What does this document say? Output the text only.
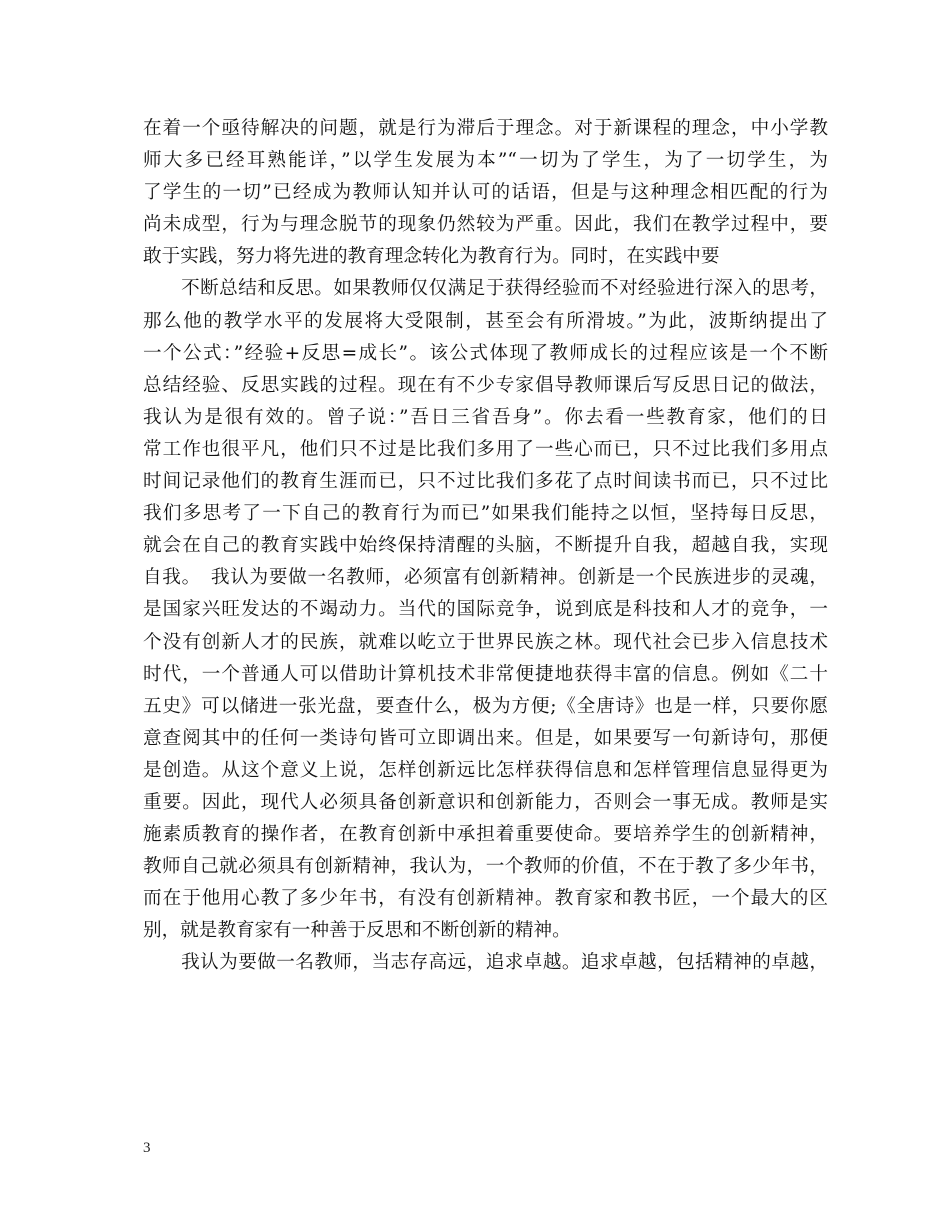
在着一个亟待解决的问题，就是行为滞后于理念。对于新课程的理念，中小学教
师大多已经耳熟能详，”以学生发展为本”“一切为了学生，为了一切学生，为
了学生的一切”已经成为教师认知并认可的话语，但是与这种理念相匹配的行为
尚未成型，行为与理念脱节的现象仍然较为严重。因此，我们在教学过程中，要
敢于实践，努力将先进的教育理念转化为教育行为。同时，在实践中要
　　不断总结和反思。如果教师仅仅满足于获得经验而不对经验进行深入的思考，
那么他的教学水平的发展将大受限制，甚至会有所滑坡。”为此，波斯纳提出了
一个公式：”经验+反思=成长”。该公式体现了教师成长的过程应该是一个不断
总结经验、反思实践的过程。现在有不少专家倡导教师课后写反思日记的做法，
我认为是很有效的。曾子说：”吾日三省吾身”。你去看一些教育家，他们的日
常工作也很平凡，他们只不过是比我们多用了一些心而已，只不过比我们多用点
时间记录他们的教育生涯而已，只不过比我们多花了点时间读书而已，只不过比
我们多思考了一下自己的教育行为而已”如果我们能持之以恒，坚持每日反思，
就会在自己的教育实践中始终保持清醒的头脑，不断提升自我，超越自我，实现
自我。　我认为要做一名教师，必须富有创新精神。创新是一个民族进步的灵魂，
是国家兴旺发达的不竭动力。当代的国际竞争，说到底是科技和人才的竞争，一
个没有创新人才的民族，就难以屹立于世界民族之林。现代社会已步入信息技术
时代，一个普通人可以借助计算机技术非常便捷地获得丰富的信息。例如《二十
五史》可以储进一张光盘，要查什么，极为方便;《全唐诗》也是一样，只要你愿
意查阅其中的任何一类诗句皆可立即调出来。但是，如果要写一句新诗句，那便
是创造。从这个意义上说，怎样创新远比怎样获得信息和怎样管理信息显得更为
重要。因此，现代人必须具备创新意识和创新能力，否则会一事无成。教师是实
施素质教育的操作者，在教育创新中承担着重要使命。要培养学生的创新精神，
教师自己就必须具有创新精神，我认为，一个教师的价值，不在于教了多少年书，
而在于他用心教了多少年书，有没有创新精神。教育家和教书匠，一个最大的区
别，就是教育家有一种善于反思和不断创新的精神。
　　我认为要做一名教师，当志存高远，追求卓越。追求卓越，包括精神的卓越，
3
